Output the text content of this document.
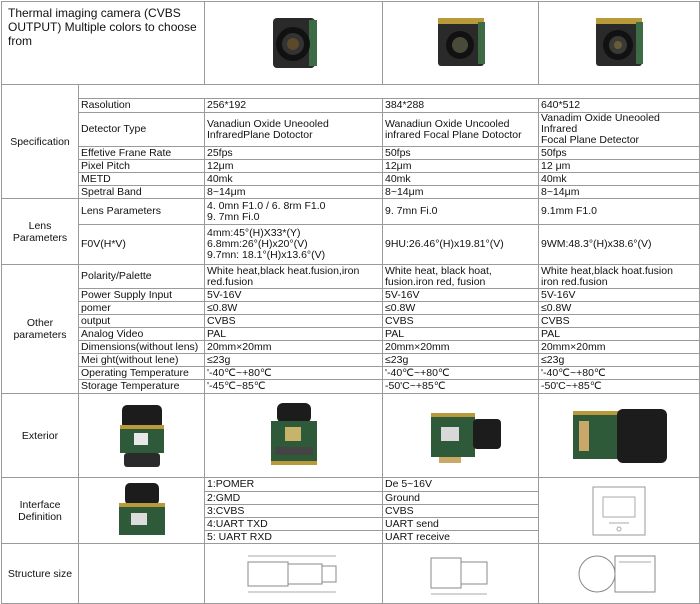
Thermal imaging camera (CVBS OUTPUT) Multiple colors to choose from	

Specification				
	Rasolution	256*192	384*288	640*512
	Detector Type	Vanadiun Oxide Uneooled
InfraredPlane Dotoctor	Wanadiun Oxide Uncooled
infrared Focal Plane Dotoctor	Vanadim Oxide Uneooled Infrared
Focal Plane Detector

	Effetive Frane Rate	25fps	50fps	50fps
	Pixel Pitch	12μm	12μm	12 μm
	METD	40mk	40mk	40mk
	Spetral Band	8~14μm	8~14μm	8~14μm
Lens Parameters	Lens Parameters	4. 0mn F1.0 / 6. 8rm F1.0
9. 7mn Fi.0	9. 7mn Fi.0	9.1mm F1.0
	F0V(H*V)	4mm:45°(H)X33*(Y)
6.8mm:26°(H)x20°(V)
9.7mn: 18.1°(H)x13.6°(V)	9HU:26.46°(H)x19.81°(V)	9WM:48.3°(H)x38.6°(V)
Other parameters	Polarity/Palette	White heat,black heat.fusion,iron
red.fusion	White heat, black hoat,
fusion.iron red, fusion	White heat,black hoat.fusion
iron red.fusion

	Power Supply Input	5V-16V	5V-16V	5V-16V
	pomer	≤0.8W	≤0.8W	≤0.8W
	output	CVBS	CVBS	CVBS
	Analog Video	PAL	PAL	PAL
	Dimensions(without lens)	20mm×20mm	20mm×20mm	20mm×20mm
	Mei ght(without lene)	≤23g	≤23g	≤23g
	Operating Temperature	'-40℃~+80℃	'-40℃~+80℃	'-40℃~+80℃
	Storage Temperature	'-45℃~85℃	-50'C~+85℃	-50'C~+85℃
Exterior	

Interface Definition		1:POMER	De 5~16V	

		2:GMD	Ground	
		3:CVBS	CVBS	
		4:UART TXD	UART send	
		5: UART RXD	UART receive	
Structure size		
